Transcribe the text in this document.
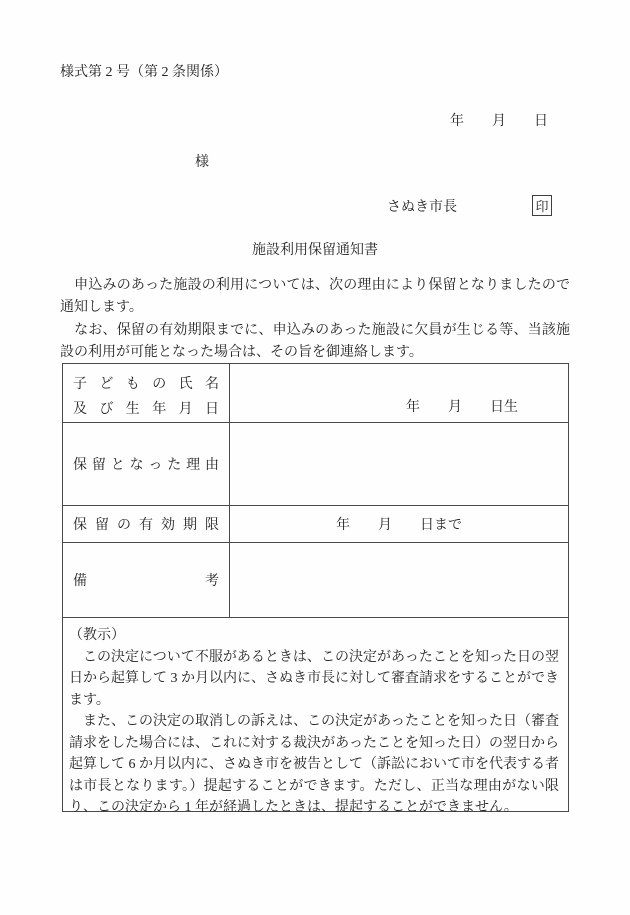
様式第 2 号（第 2 条関係）
年　　月　　日
様
さぬき市長	印
施設利用保留通知書

　申込みのあった施設の利用については、次の理由により保留となりましたので通知します。

　なお、保留の有効期限までに、申込みのあった施設に欠員が生じる等、当該施設の利用が可能となった場合は、その旨を御連絡します。

子どもの氏名
及び生年月日	年　　月　　日生
保留となった理由
保留の有効期限	年　　月　　日まで
備考
（教示）

　この決定について不服があるときは、この決定があったことを知った日の翌日から起算して 3 か月以内に、さぬき市長に対して審査請求をすることができます。

　また、この決定の取消しの訴えは、この決定があったことを知った日（審査請求をした場合には、これに対する裁決があったことを知った日）の翌日から起算して 6 か月以内に、さぬき市を被告として（訴訟において市を代表する者は市長となります。）提起することができます。ただし、正当な理由がない限り、この決定から 1 年が経過したときは、提起することができません。
